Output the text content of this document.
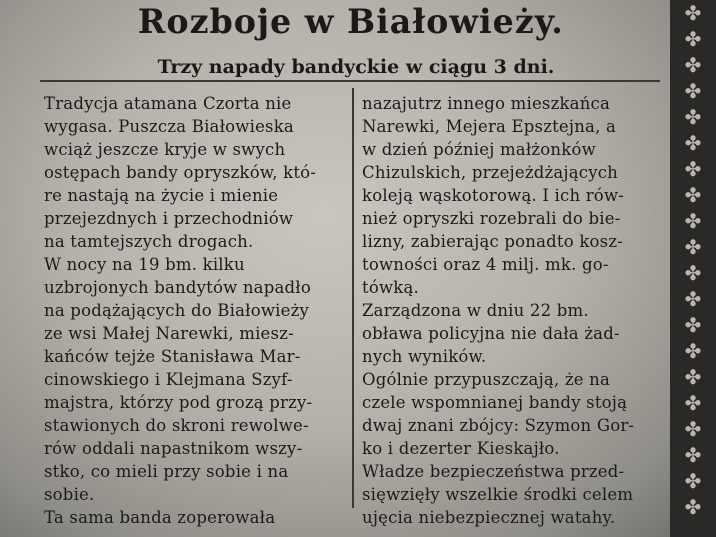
Rozboje w Białowieży.
Trzy napady bandyckie w ciągu 3 dni.
Tradycja atamana Czorta nie
wygasa. Puszcza Białowieska
wciąż jeszcze kryje w swych
ostępach bandy opryszków, któ-
re nastają na życie i mienie
przejezdnych i przechodniów
na tamtejszych drogach.
W nocy na 19 bm. kilku
uzbrojonych bandytów napadło
na podążających do Białowieży
ze wsi Małej Narewki, miesz-
kańców tejże Stanisława Mar-
cinowskiego i Klejmana Szyf-
majstra, którzy pod grozą przy-
stawionych do skroni rewolwe-
rów oddali napastnikom wszy-
stko, co mieli przy sobie i na
sobie.
Ta sama banda zoperowała
nazajutrz innego mieszkańca
Narewki, Mejera Epsztejna, a
w dzień później małżonków
Chizulskich, przejeżdżających
koleją wąskotorową. I ich rów-
nież opryszki rozebrali do bie-
lizny, zabierając ponadto kosz-
towności oraz 4 milj. mk. go-
tówką.
Zarządzona w dniu 22 bm.
obława policyjna nie dała żad-
nych wyników.
Ogólnie przypuszczają, że na
czele wspomnianej bandy stoją
dwaj znani zbójcy: Szymon Gor-
ko i dezerter Kieskajło.
Władze bezpieczeństwa przed-
sięwzięły wszelkie środki celem
ujęcia niebezpiecznej watahy.
✤
✤
✤
✤
✤
✤
✤
✤
✤
✤
✤
✤
✤
✤
✤
✤
✤
✤
✤
✤
